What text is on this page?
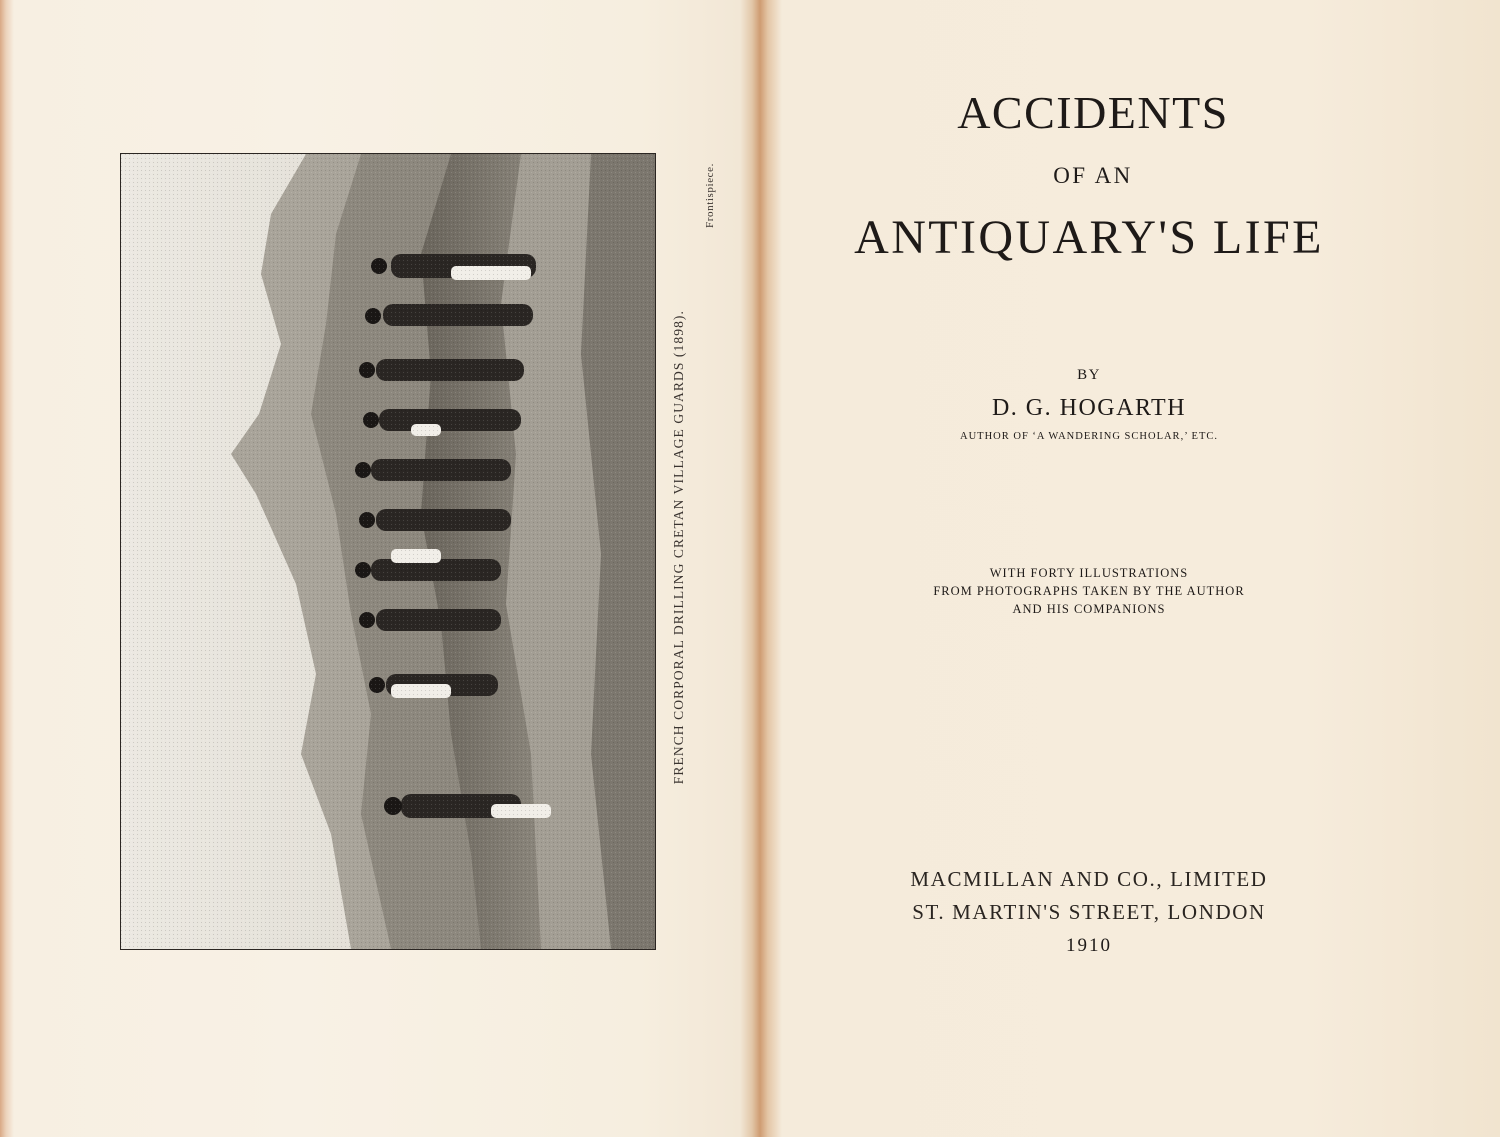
FRENCH CORPORAL DRILLING CRETAN VILLAGE GUARDS (1898).
Frontispiece.
ACCIDENTS
OF AN
ANTIQUARY'S LIFE
BY
D. G. HOGARTH
AUTHOR OF ‘A WANDERING SCHOLAR,’ ETC.
WITH FORTY ILLUSTRATIONS
FROM PHOTOGRAPHS TAKEN BY THE AUTHOR
AND HIS COMPANIONS
MACMILLAN AND CO., LIMITED
ST. MARTIN'S STREET, LONDON
1910
